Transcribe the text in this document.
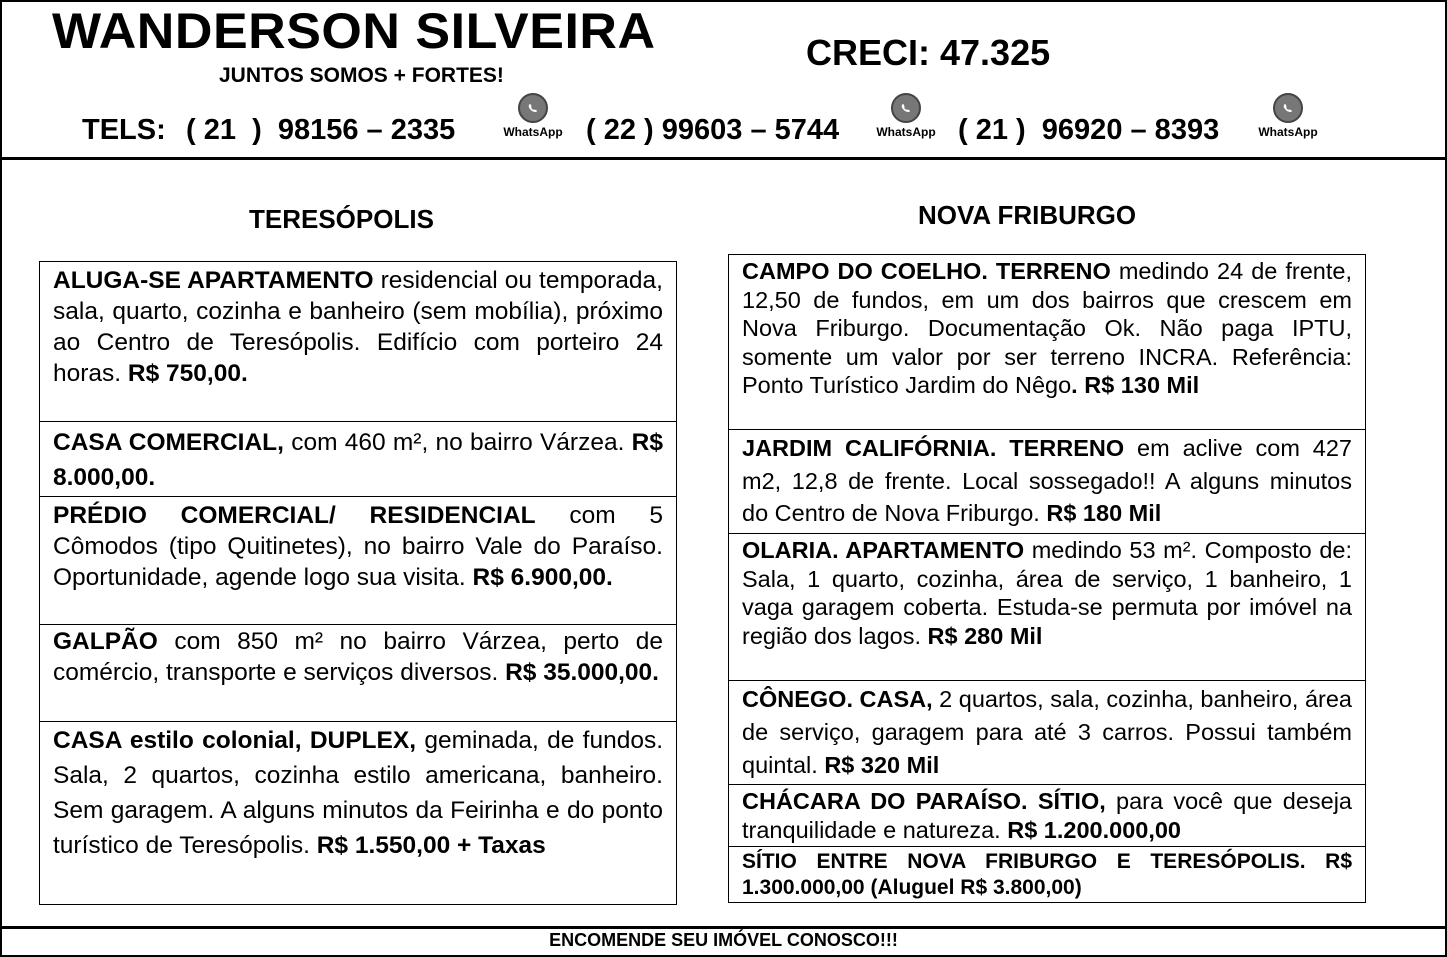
WANDERSON SILVEIRA
JUNTOS SOMOS + FORTES!
CRECI: 47.325
TELS: ( 21  )  98156 – 2335	( 22 ) 99603 – 5744	( 21 )  96920 – 8393
WhatsApp	WhatsApp	WhatsApp
TERESÓPOLIS	NOVA FRIBURGO
ALUGA-SE APARTAMENTO residencial ou temporada, sala, quarto, cozinha e banheiro (sem mobília), próximo ao Centro de Teresópolis. Edifício com porteiro 24 horas. R$ 750,00.
CASA COMERCIAL, com 460 m², no bairro Várzea. R$ 8.000,00.
PRÉDIO COMERCIAL/ RESIDENCIAL com 5 Cômodos (tipo Quitinetes), no bairro Vale do Paraíso. Oportunidade, agende logo sua visita. R$ 6.900,00.
GALPÃO com 850 m² no bairro Várzea, perto de comércio, transporte e serviços diversos. R$ 35.000,00.
CASA estilo colonial, DUPLEX, geminada, de fundos. Sala, 2 quartos, cozinha estilo americana, banheiro. Sem garagem. A alguns minutos da Feirinha e do ponto turístico de Teresópolis. R$ 1.550,00 + Taxas
CAMPO DO COELHO. TERRENO medindo 24 de frente, 12,50 de fundos, em um dos bairros que crescem em Nova Friburgo. Documentação Ok. Não paga IPTU, somente um valor por ser terreno INCRA. Referência: Ponto Turístico Jardim do Nêgo. R$ 130 Mil
JARDIM CALIFÓRNIA. TERRENO em aclive com 427 m2, 12,8 de frente. Local sossegado!! A alguns minutos do Centro de Nova Friburgo. R$ 180 Mil
OLARIA. APARTAMENTO medindo 53 m². Composto de: Sala, 1 quarto, cozinha, área de serviço, 1 banheiro, 1 vaga garagem coberta. Estuda-se permuta por imóvel na região dos lagos. R$ 280 Mil
CÔNEGO. CASA, 2 quartos, sala, cozinha, banheiro, área de serviço, garagem para até 3 carros. Possui também quintal. R$ 320 Mil
CHÁCARA DO PARAÍSO. SÍTIO, para você que deseja tranquilidade e natureza. R$ 1.200.000,00
SÍTIO ENTRE NOVA FRIBURGO E TERESÓPOLIS. R$ 1.300.000,00 (Aluguel R$ 3.800,00)
ENCOMENDE SEU IMÓVEL CONOSCO!!!
